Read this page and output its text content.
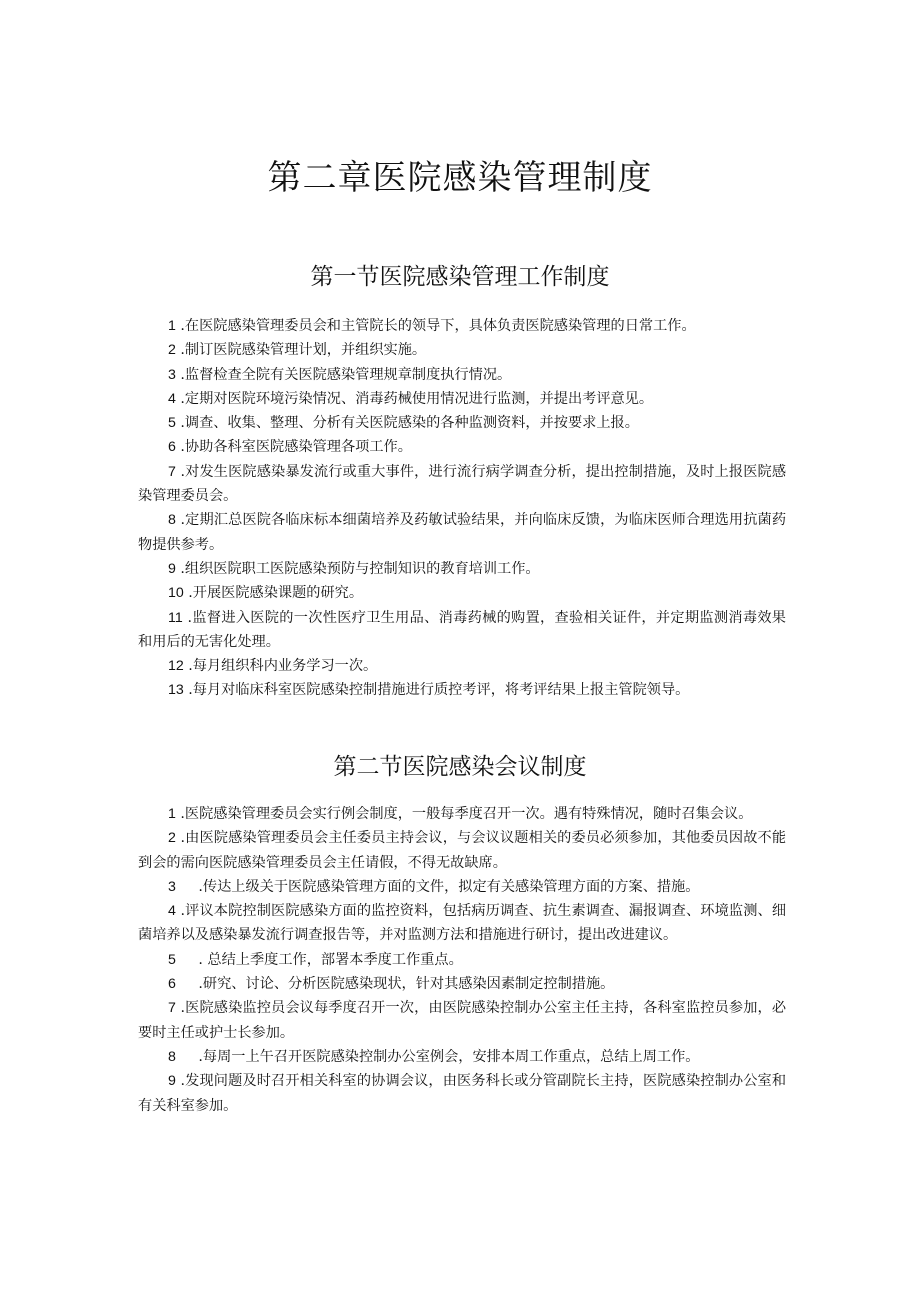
第二章医院感染管理制度
第一节医院感染管理工作制度
1 .在医院感染管理委员会和主管院长的领导下，具体负责医院感染管理的日常工作。
2 .制订医院感染管理计划，并组织实施。
3 .监督检查全院有关医院感染管理规章制度执行情况。
4 .定期对医院环境污染情况、消毒药械使用情况进行监测，并提出考评意见。
5 .调查、收集、整理、分析有关医院感染的各种监测资料，并按要求上报。
6 .协助各科室医院感染管理各项工作。
7 .对发生医院感染暴发流行或重大事件，进行流行病学调查分析，提出控制措施，及时上报医院感染管理委员会。
8 .定期汇总医院各临床标本细菌培养及药敏试验结果，并向临床反馈，为临床医师合理选用抗菌药物提供参考。
9 .组织医院职工医院感染预防与控制知识的教育培训工作。
10 .开展医院感染课题的研究。
11 .监督进入医院的一次性医疗卫生用品、消毒药械的购置，查验相关证件，并定期监测消毒效果和用后的无害化处理。
12 .每月组织科内业务学习一次。
13 .每月对临床科室医院感染控制措施进行质控考评，将考评结果上报主管院领导。
第二节医院感染会议制度
1 .医院感染管理委员会实行例会制度，一般每季度召开一次。遇有特殊情况，随时召集会议。
2 .由医院感染管理委员会主任委员主持会议，与会议议题相关的委员必须参加，其他委员因故不能到会的需向医院感染管理委员会主任请假，不得无故缺席。
3 .传达上级关于医院感染管理方面的文件，拟定有关感染管理方面的方案、措施。
4 .评议本院控制医院感染方面的监控资料，包括病历调查、抗生素调查、漏报调查、环境监测、细菌培养以及感染暴发流行调查报告等，并对监测方法和措施进行研讨，提出改进建议。
5 . 总结上季度工作，部署本季度工作重点。
6 .研究、讨论、分析医院感染现状，针对其感染因素制定控制措施。
7 .医院感染监控员会议每季度召开一次，由医院感染控制办公室主任主持，各科室监控员参加，必要时主任或护士长参加。
8 .每周一上午召开医院感染控制办公室例会，安排本周工作重点，总结上周工作。
9 .发现问题及时召开相关科室的协调会议，由医务科长或分管副院长主持，医院感染控制办公室和有关科室参加。
